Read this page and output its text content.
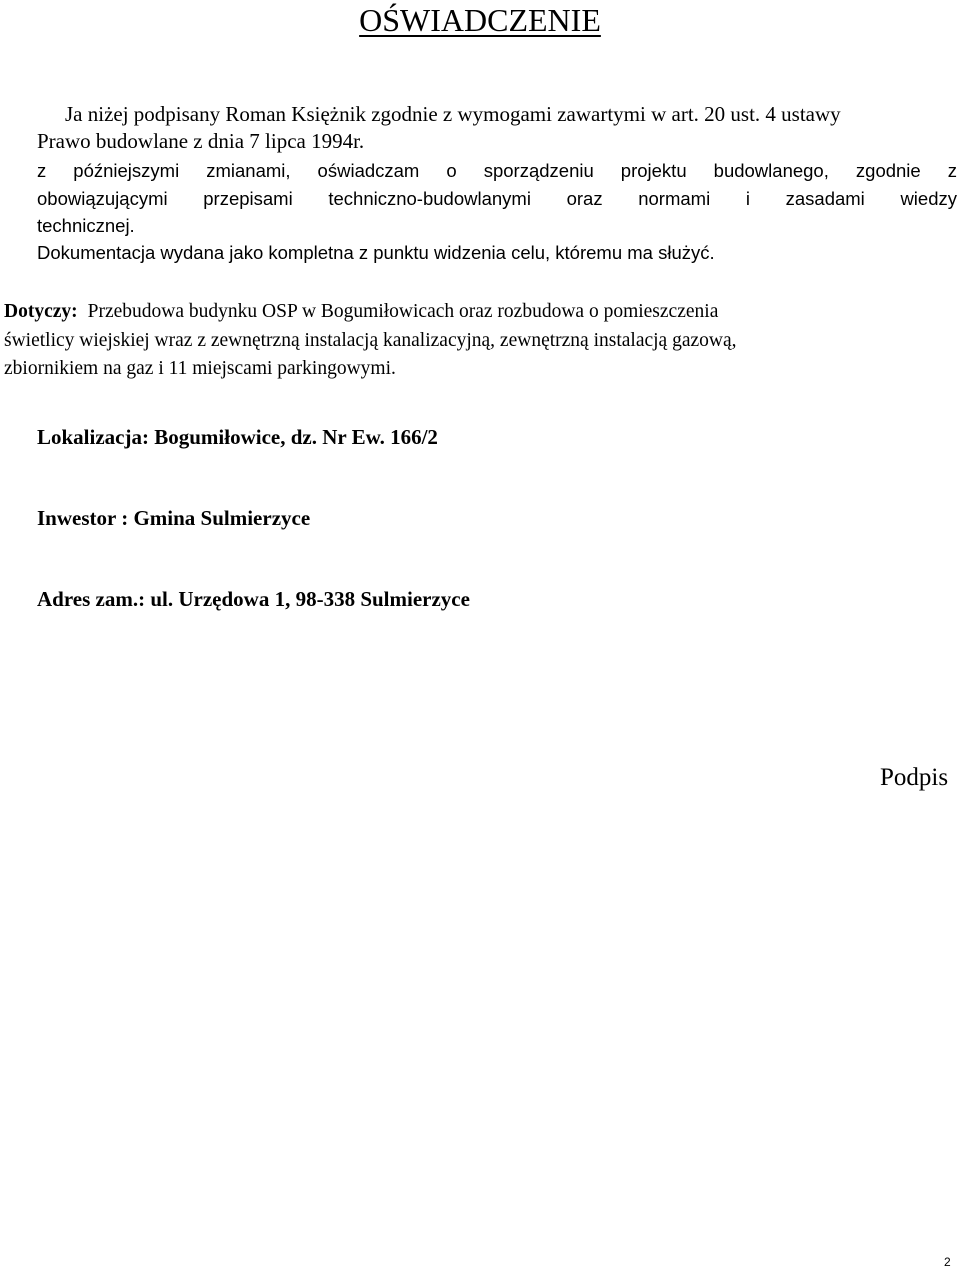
OŚWIADCZENIE
Ja niżej podpisany Roman Księżnik zgodnie z wymogami zawartymi w art. 20 ust. 4 ustawy
Prawo budowlane z dnia 7 lipca 1994r.
z późniejszymi zmianami, oświadczam o sporządzeniu projektu budowlanego, zgodnie z
obowiązującymi przepisami techniczno-budowlanymi oraz normami i zasadami wiedzy
technicznej.
Dokumentacja wydana jako kompletna z punktu widzenia celu, któremu ma służyć.
Dotyczy: Przebudowa budynku OSP w Bogumiłowicach oraz rozbudowa o pomieszczenia
świetlicy wiejskiej wraz z zewnętrzną instalacją kanalizacyjną, zewnętrzną instalacją gazową,
zbiornikiem na gaz i 11 miejscami parkingowymi.
Lokalizacja: Bogumiłowice, dz. Nr Ew. 166/2
Inwestor : Gmina Sulmierzyce
Adres zam.: ul. Urzędowa 1, 98-338 Sulmierzyce
Podpis
2
